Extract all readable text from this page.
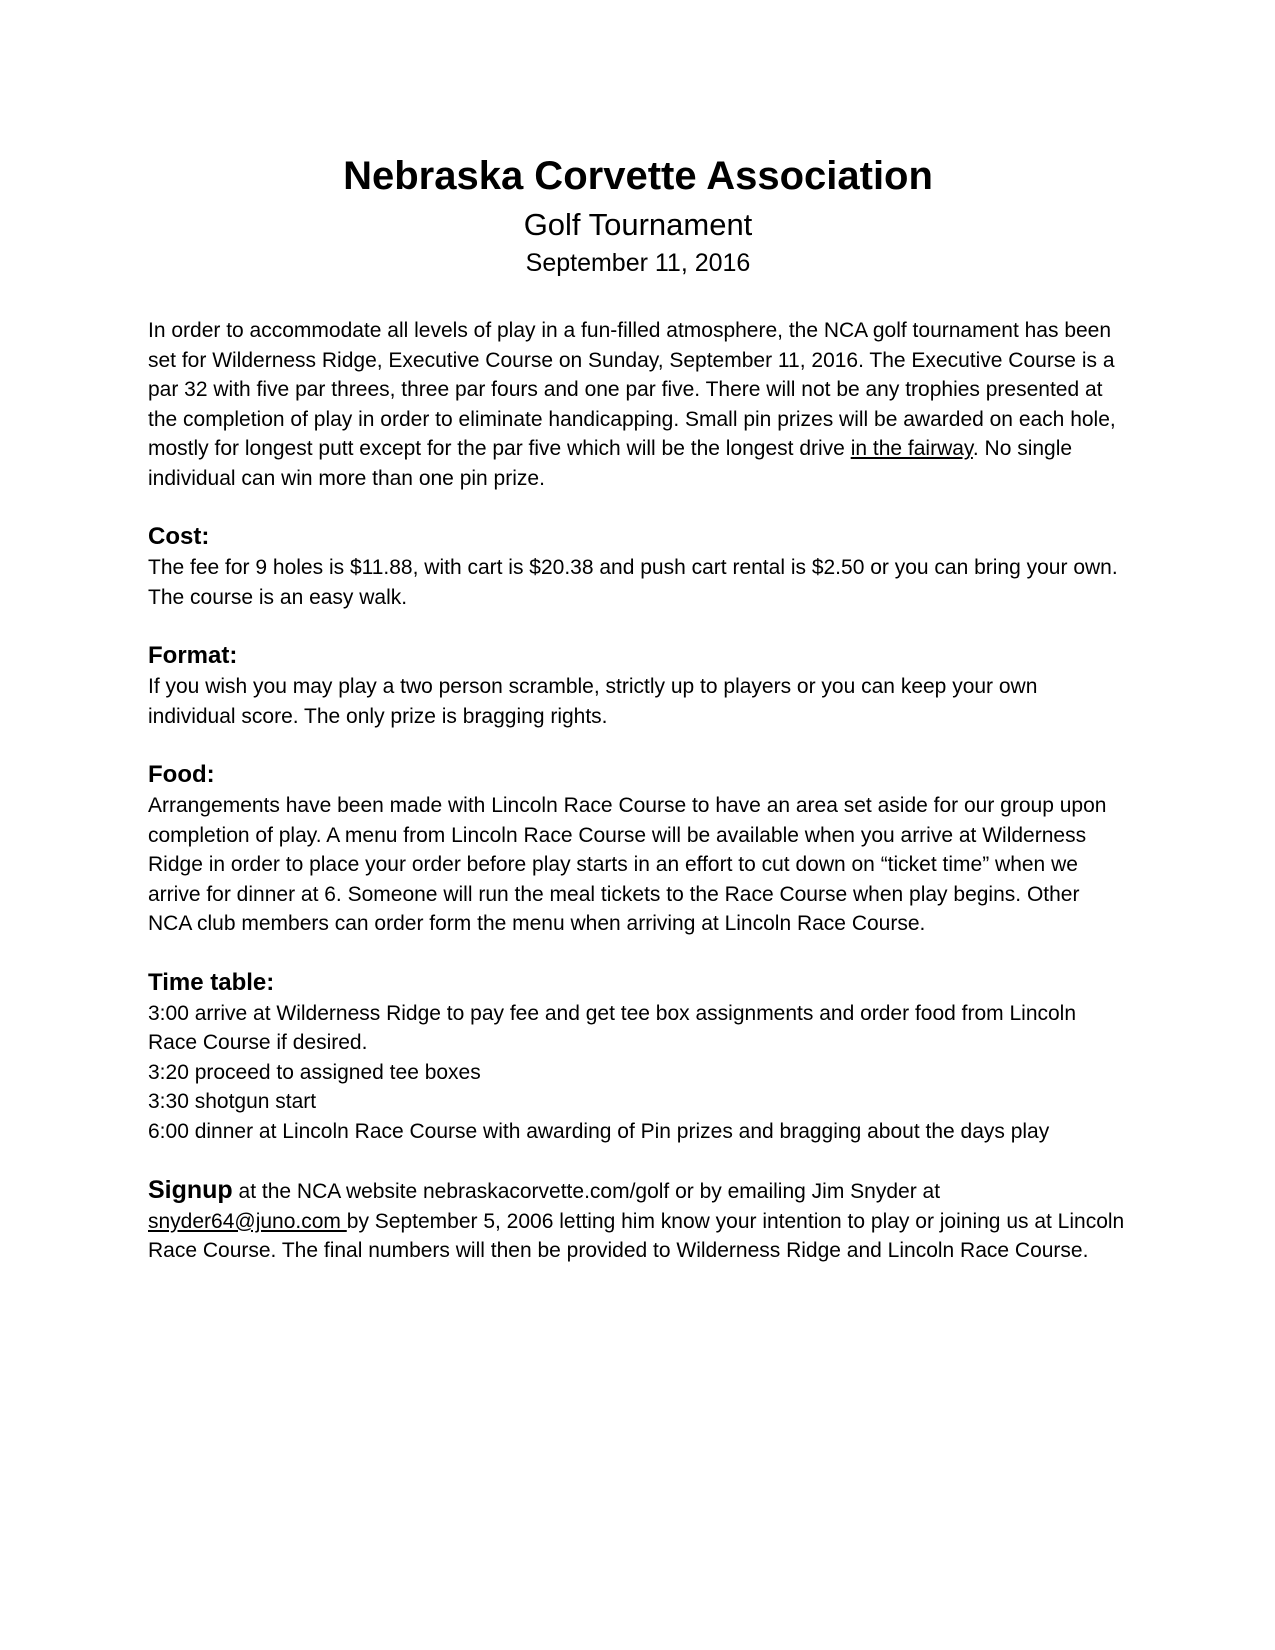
Nebraska Corvette Association
Golf Tournament
September 11, 2016

In order to accommodate all levels of play in a fun-filled atmosphere, the NCA golf tournament has been set for Wilderness Ridge, Executive Course on Sunday, September 11, 2016. The Executive Course is a par 32 with five par threes, three par fours and one par five. There will not be any trophies presented at the completion of play in order to eliminate handicapping. Small pin prizes will be awarded on each hole, mostly for longest putt except for the par five which will be the longest drive in the fairway. No single individual can win more than one pin prize.

Cost:

The fee for 9 holes is $11.88, with cart is $20.38 and push cart rental is $2.50 or you can bring your own. The course is an easy walk.

Format:

If you wish you may play a two person scramble, strictly up to players or you can keep your own individual score. The only prize is bragging rights.

Food:

Arrangements have been made with Lincoln Race Course to have an area set aside for our group upon completion of play. A menu from Lincoln Race Course will be available when you arrive at Wilderness Ridge in order to place your order before play starts in an effort to cut down on “ticket time” when we arrive for dinner at 6. Someone will run the meal tickets to the Race Course when play begins. Other NCA club members can order form the menu when arriving at Lincoln Race Course.

Time table:
3:00 arrive at Wilderness Ridge to pay fee and get tee box assignments and order food from Lincoln Race Course if desired.
3:20 proceed to assigned tee boxes
3:30 shotgun start
6:00 dinner at Lincoln Race Course with awarding of Pin prizes and bragging about the days play

Signup at the NCA website nebraskacorvette.com/golf or by emailing Jim Snyder at snyder64@juno.com by September 5, 2006 letting him know your intention to play or joining us at Lincoln Race Course. The final numbers will then be provided to Wilderness Ridge and Lincoln Race Course.
